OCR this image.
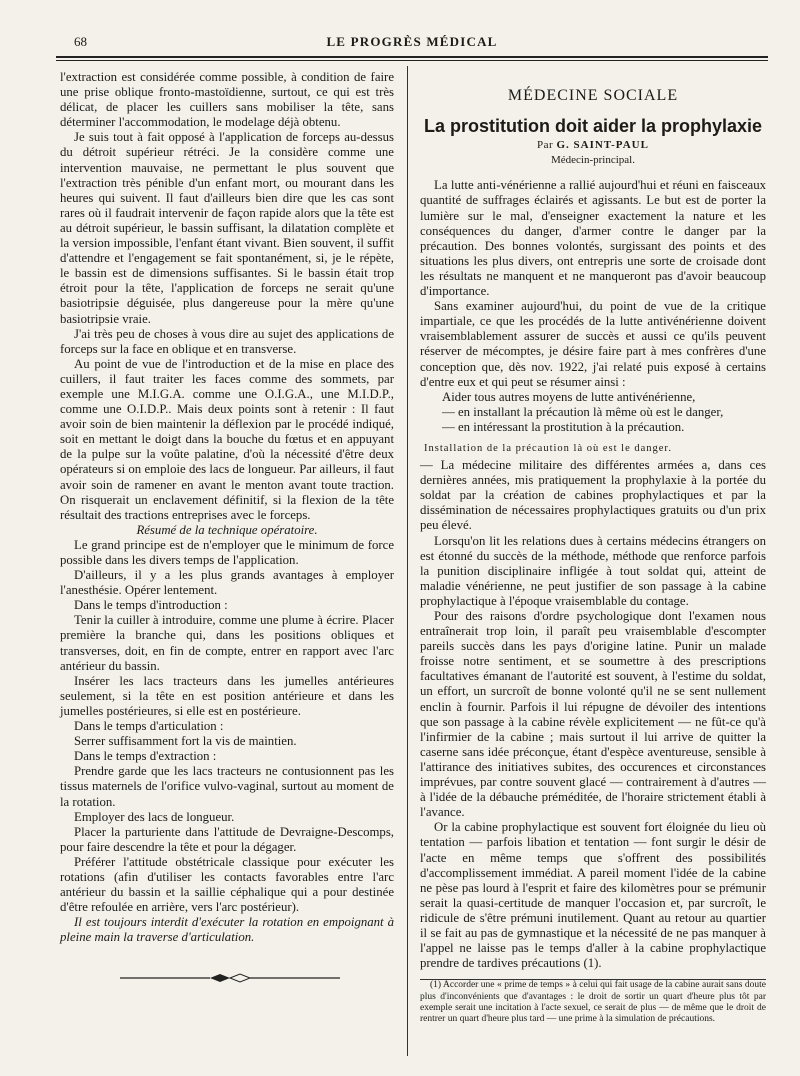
68	LE PROGRÈS MÉDICAL

l'extraction est considérée comme possible, à condition de faire une prise oblique fronto-mastoïdienne, surtout, ce qui est très délicat, de placer les cuillers sans mobiliser la tête, sans déterminer l'accommodation, le modelage déjà obtenu.

Je suis tout à fait opposé à l'application de forceps au-dessus du détroit supérieur rétréci. Je la considère comme une intervention mauvaise, ne permettant le plus souvent que l'extraction très pénible d'un enfant mort, ou mourant dans les heures qui suivent. Il faut d'ailleurs bien dire que les cas sont rares où il faudrait intervenir de façon rapide alors que la tête est au détroit supérieur, le bassin suffisant, la dilatation complète et la version impossible, l'enfant étant vivant. Bien souvent, il suffit d'attendre et l'engagement se fait spontanément, si, je le répète, le bassin est de dimensions suffisantes. Si le bassin était trop étroit pour la tête, l'application de forceps ne serait qu'une basiotripsie déguisée, plus dangereuse pour la mère qu'une basiotripsie vraie.

J'ai très peu de choses à vous dire au sujet des applications de forceps sur la face en oblique et en transverse.

Au point de vue de l'introduction et de la mise en place des cuillers, il faut traiter les faces comme des sommets, par exemple une M.I.G.A. comme une O.I.G.A., une M.I.D.P., comme une O.I.D.P.. Mais deux points sont à retenir : Il faut avoir soin de bien maintenir la déflexion par le procédé indiqué, soit en mettant le doigt dans la bouche du fœtus et en appuyant de la pulpe sur la voûte palatine, d'où la nécessité d'être deux opérateurs si on emploie des lacs de longueur. Par ailleurs, il faut avoir soin de ramener en avant le menton avant toute traction. On risquerait un enclavement définitif, si la flexion de la tête résultait des tractions entreprises avec le forceps.

Résumé de la technique opératoire.

Le grand principe est de n'employer que le minimum de force possible dans les divers temps de l'application.

D'ailleurs, il y a les plus grands avantages à employer l'anesthésie. Opérer lentement.

Dans le temps d'introduction :

Tenir la cuiller à introduire, comme une plume à écrire. Placer première la branche qui, dans les positions obliques et transverses, doit, en fin de compte, entrer en rapport avec l'arc antérieur du bassin.

Insérer les lacs tracteurs dans les jumelles antérieures seulement, si la tête en est position antérieure et dans les jumelles postérieures, si elle est en postérieure.

Dans le temps d'articulation :

Serrer suffisamment fort la vis de maintien.

Dans le temps d'extraction :

Prendre garde que les lacs tracteurs ne contusionnent pas les tissus maternels de l'orifice vulvo-vaginal, surtout au moment de la rotation.

Employer des lacs de longueur.

Placer la parturiente dans l'attitude de Devraigne-Descomps, pour faire descendre la tête et pour la dégager.

Préférer l'attitude obstétricale classique pour exécuter les rotations (afin d'utiliser les contacts favorables entre l'arc antérieur du bassin et la saillie céphalique qui a pour destinée d'être refoulée en arrière, vers l'arc postérieur).

Il est toujours interdit d'exécuter la rotation en empoignant à pleine main la traverse d'articulation.

MÉDECINE SOCIALE
La prostitution doit aider la prophylaxie
Par G. SAINT-PAUL
Médecin-principal.

La lutte anti-vénérienne a rallié aujourd'hui et réuni en faisceaux quantité de suffrages éclairés et agissants. Le but est de porter la lumière sur le mal, d'enseigner exactement la nature et les conséquences du danger, d'armer contre le danger par la précaution. Des bonnes volontés, surgissant des points et des situations les plus divers, ont entrepris une sorte de croisade dont les résultats ne manquent et ne manqueront pas d'avoir beaucoup d'importance.

Sans examiner aujourd'hui, du point de vue de la critique impartiale, ce que les procédés de la lutte antivénérienne doivent vraisemblablement assurer de succès et aussi ce qu'ils peuvent réserver de mécomptes, je désire faire part à mes confrères d'une conception que, dès nov. 1922, j'ai relaté puis exposé à certains d'entre eux et qui peut se résumer ainsi :

Aider tous autres moyens de lutte antivénérienne,

— en installant la précaution là même où est le danger,

— en intéressant la prostitution à la précaution.

Installation de la précaution là où est le danger.

— La médecine militaire des différentes armées a, dans ces dernières années, mis pratiquement la prophylaxie à la portée du soldat par la création de cabines prophylactiques et par la dissémination de nécessaires prophylactiques gratuits ou d'un prix peu élevé.

Lorsqu'on lit les relations dues à certains médecins étrangers on est étonné du succès de la méthode, méthode que renforce parfois la punition disciplinaire infligée à tout soldat qui, atteint de maladie vénérienne, ne peut justifier de son passage à la cabine prophylactique à l'époque vraisemblable du contage.

Pour des raisons d'ordre psychologique dont l'examen nous entraînerait trop loin, il paraît peu vraisemblable d'escompter pareils succès dans les pays d'origine latine. Punir un malade froisse notre sentiment, et se soumettre à des prescriptions facultatives émanant de l'autorité est souvent, à l'estime du soldat, un effort, un surcroît de bonne volonté qu'il ne se sent nullement enclin à fournir. Parfois il lui répugne de dévoiler des intentions que son passage à la cabine révèle explicitement — ne fût-ce qu'à l'infirmier de la cabine ; mais surtout il lui arrive de quitter la caserne sans idée préconçue, étant d'espèce aventureuse, sensible à l'attirance des initiatives subites, des occurences et circonstances imprévues, par contre souvent glacé — contrairement à d'autres — à l'idée de la débauche préméditée, de l'horaire strictement établi à l'avance.

Or la cabine prophylactique est souvent fort éloignée du lieu où tentation — parfois libation et tentation — font surgir le désir de l'acte en même temps que s'offrent des possibilités d'accomplissement immédiat. A pareil moment l'idée de la cabine ne pèse pas lourd à l'esprit et faire des kilomètres pour se prémunir serait la quasi-certitude de manquer l'occasion et, par surcroît, le ridicule de s'être prémuni inutilement. Quant au retour au quartier il se fait au pas de gymnastique et la nécessité de ne pas manquer à l'appel ne laisse pas le temps d'aller à la cabine prophylactique prendre de tardives précautions (1).

(1) Accorder une « prime de temps » à celui qui fait usage de la cabine aurait sans doute plus d'inconvénients que d'avantages : le droit de sortir un quart d'heure plus tôt par exemple serait une incitation à l'acte sexuel, ce serait de plus — de même que le droit de rentrer un quart d'heure plus tard — une prime à la simulation de précautions.
